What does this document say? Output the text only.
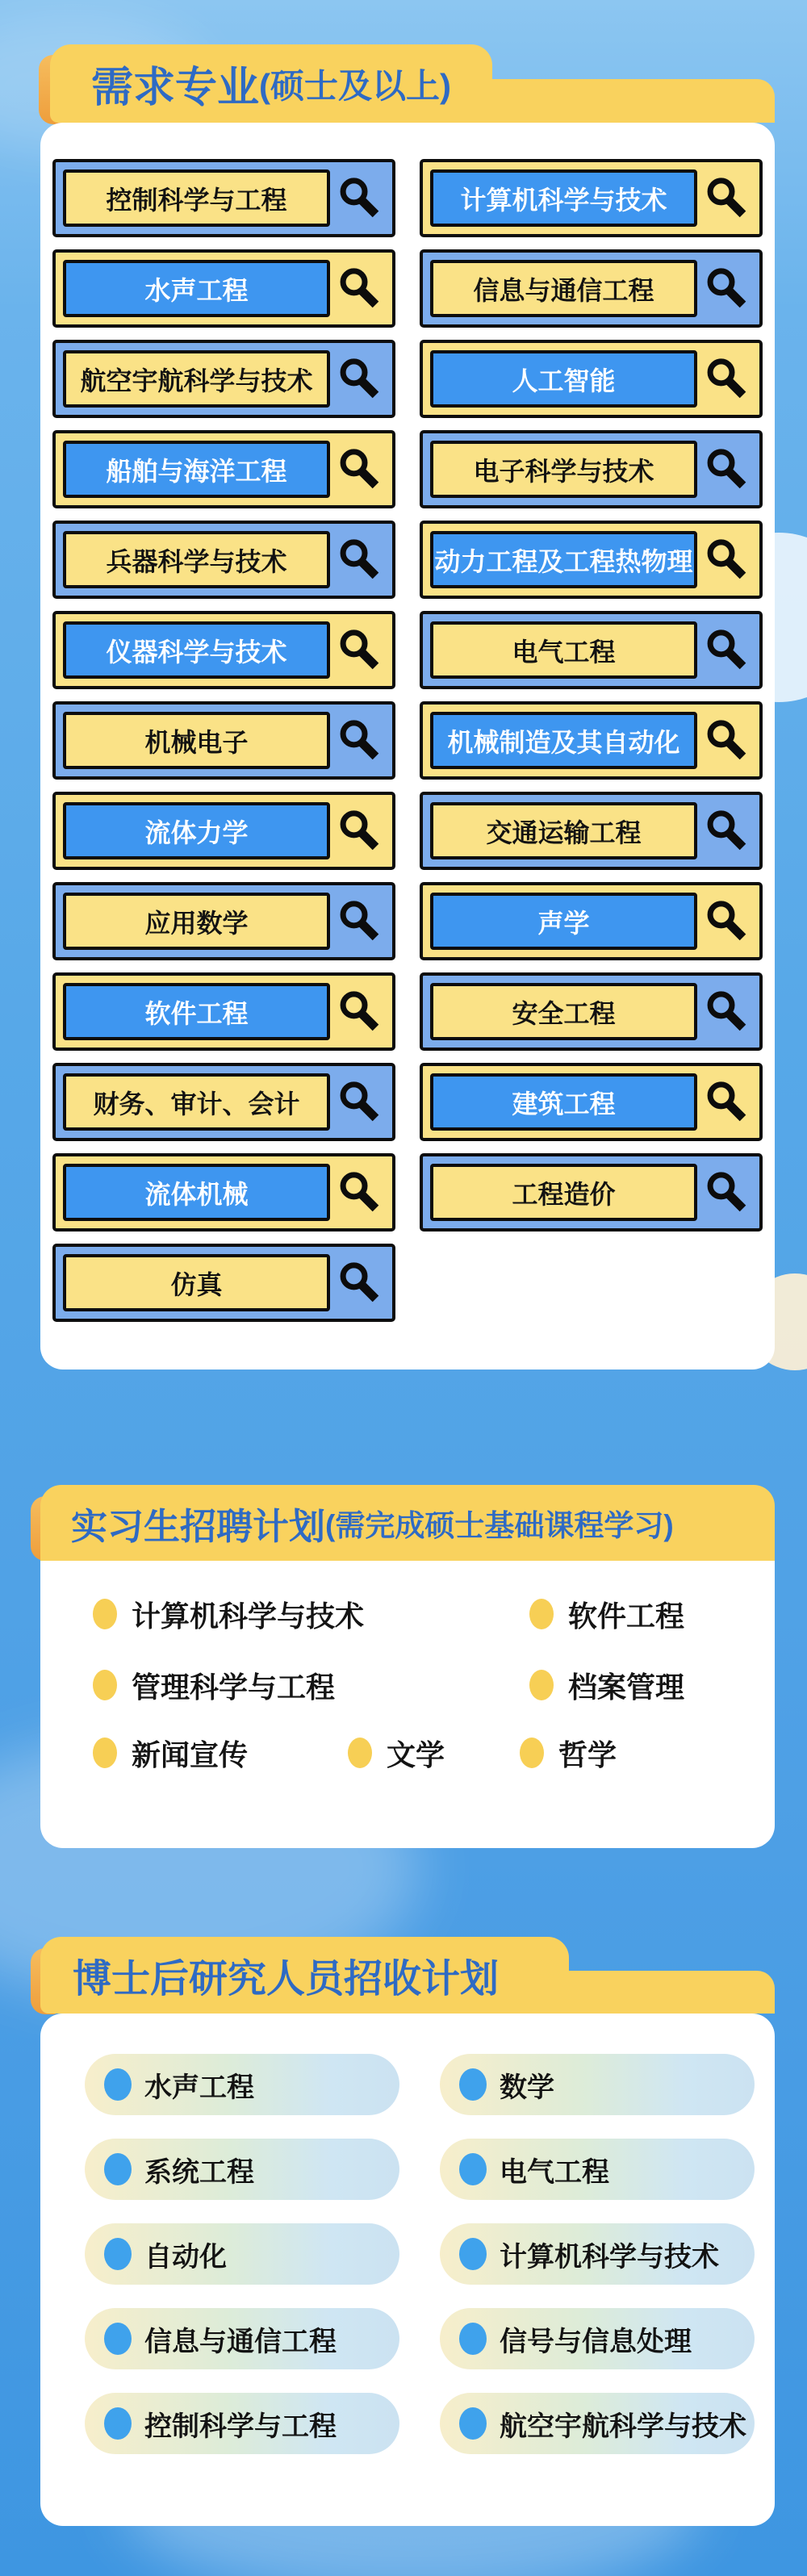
需求专业 (硕士及以上)
控制科学与工程	计算机科学与技术
水声工程	信息与通信工程
航空宇航科学与技术	人工智能
船舶与海洋工程	电子科学与技术
兵器科学与技术	动力工程及工程热物理
仪器科学与技术	电气工程
机械电子	机械制造及其自动化
流体力学	交通运输工程
应用数学	声学
软件工程	安全工程
财务、审计、会计	建筑工程
流体机械	工程造价
仿真
实习生招聘计划 (需完成硕士基础课程学习)
计算机科学与技术	软件工程
管理科学与工程	档案管理
新闻宣传	文学	哲学
博士后研究人员招收计划
水声工程	数学
系统工程	电气工程
自动化	计算机科学与技术
信息与通信工程	信号与信息处理
控制科学与工程	航空宇航科学与技术
